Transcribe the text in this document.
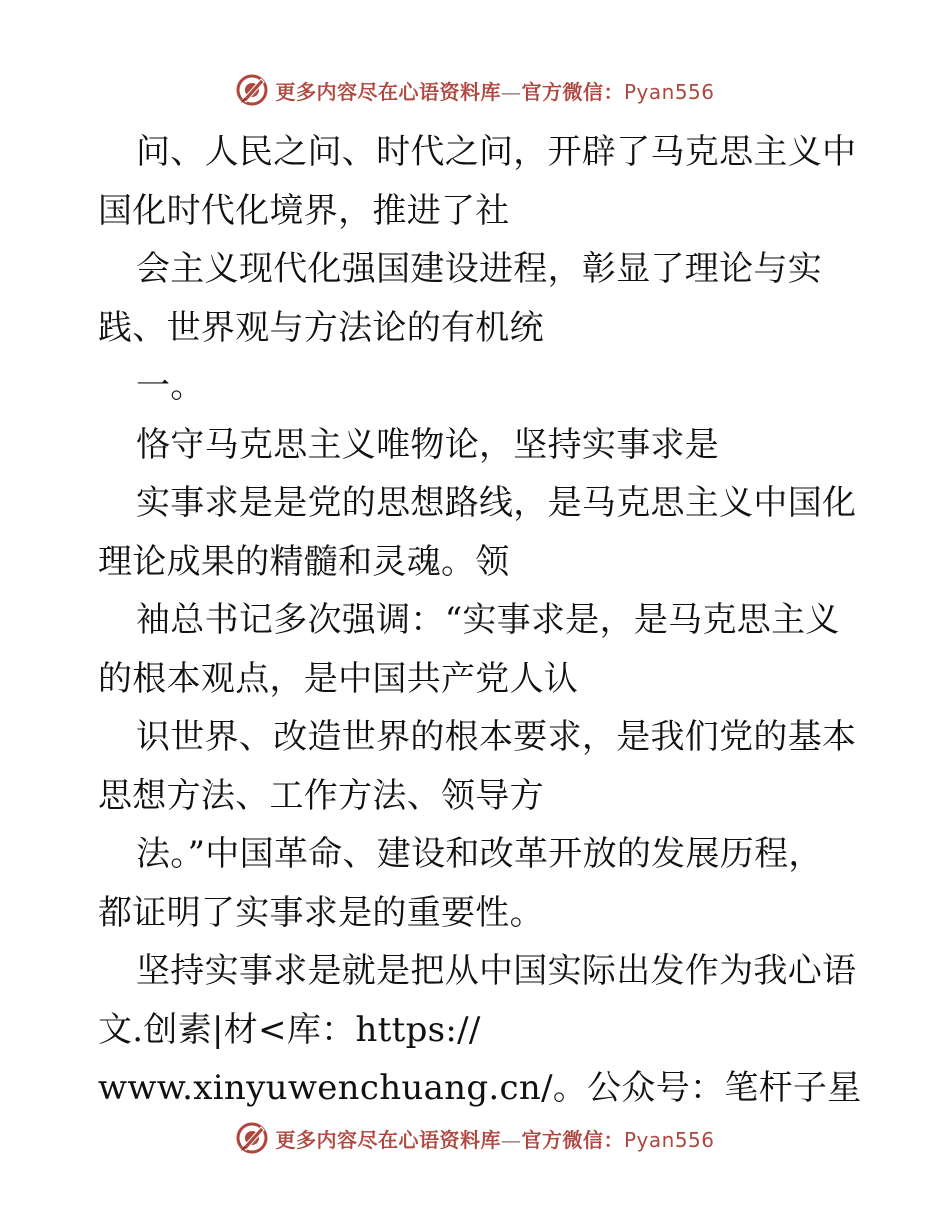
更多内容尽在心语资料库—官方微信：Pyan556
问、人民之问、时代之问，开辟了马克思主义中
国化时代化境界，推进了社
会主义现代化强国建设进程，彰显了理论与实
践、世界观与方法论的有机统
一。
恪守马克思主义唯物论，坚持实事求是
实事求是是党的思想路线，是马克思主义中国化
理论成果的精髓和灵魂。领
袖总书记多次强调：“实事求是，是马克思主义
的根本观点，是中国共产党人认
识世界、改造世界的根本要求，是我们党的基本
思想方法、工作方法、领导方
法。”中国革命、建设和改革开放的发展历程，
都证明了实事求是的重要性。
坚持实事求是就是把从中国实际出发作为我心语
文.创素|材<库：https://
www.xinyuwenchuang.cn/。公众号：笔杆子星
更多内容尽在心语资料库—官方微信：Pyan556
